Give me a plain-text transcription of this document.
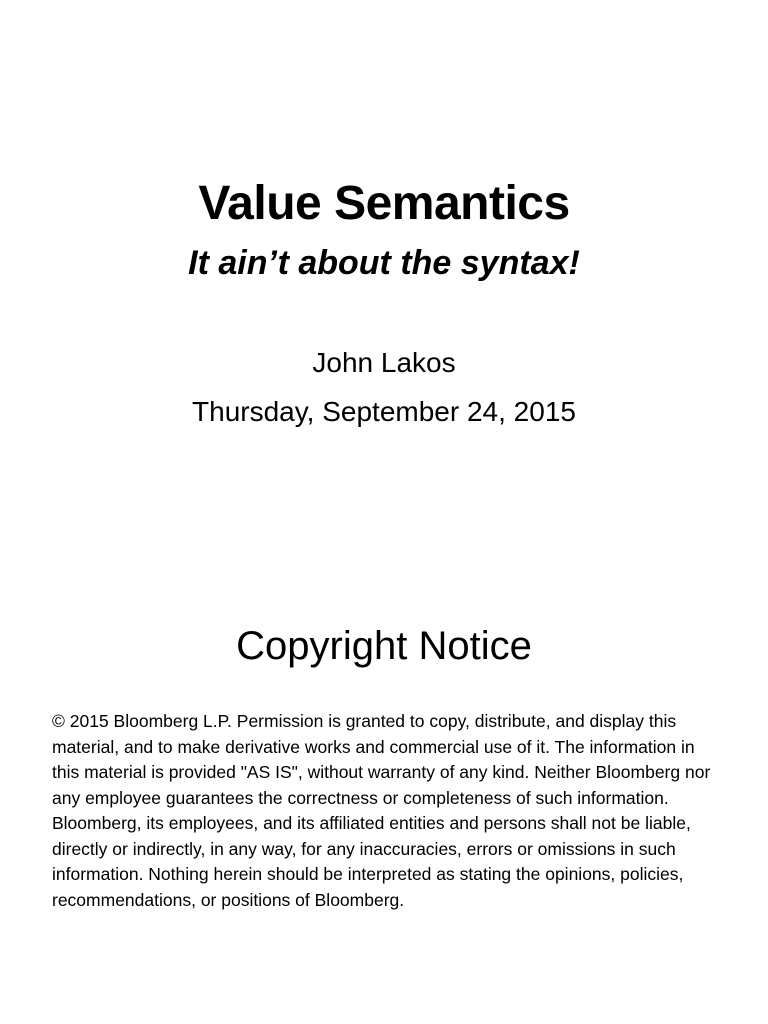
Value Semantics
It ain’t about the syntax!
John Lakos
Thursday, September 24, 2015
Copyright Notice
© 2015 Bloomberg L.P. Permission is granted to copy, distribute, and display this material, and to make derivative works and commercial use of it. The information in this material is provided "AS IS", without warranty of any kind. Neither Bloomberg nor any employee guarantees the correctness or completeness of such information. Bloomberg, its employees, and its affiliated entities and persons shall not be liable, directly or indirectly, in any way, for any inaccuracies, errors or omissions in such information. Nothing herein should be interpreted as stating the opinions, policies, recommendations, or positions of Bloomberg.
